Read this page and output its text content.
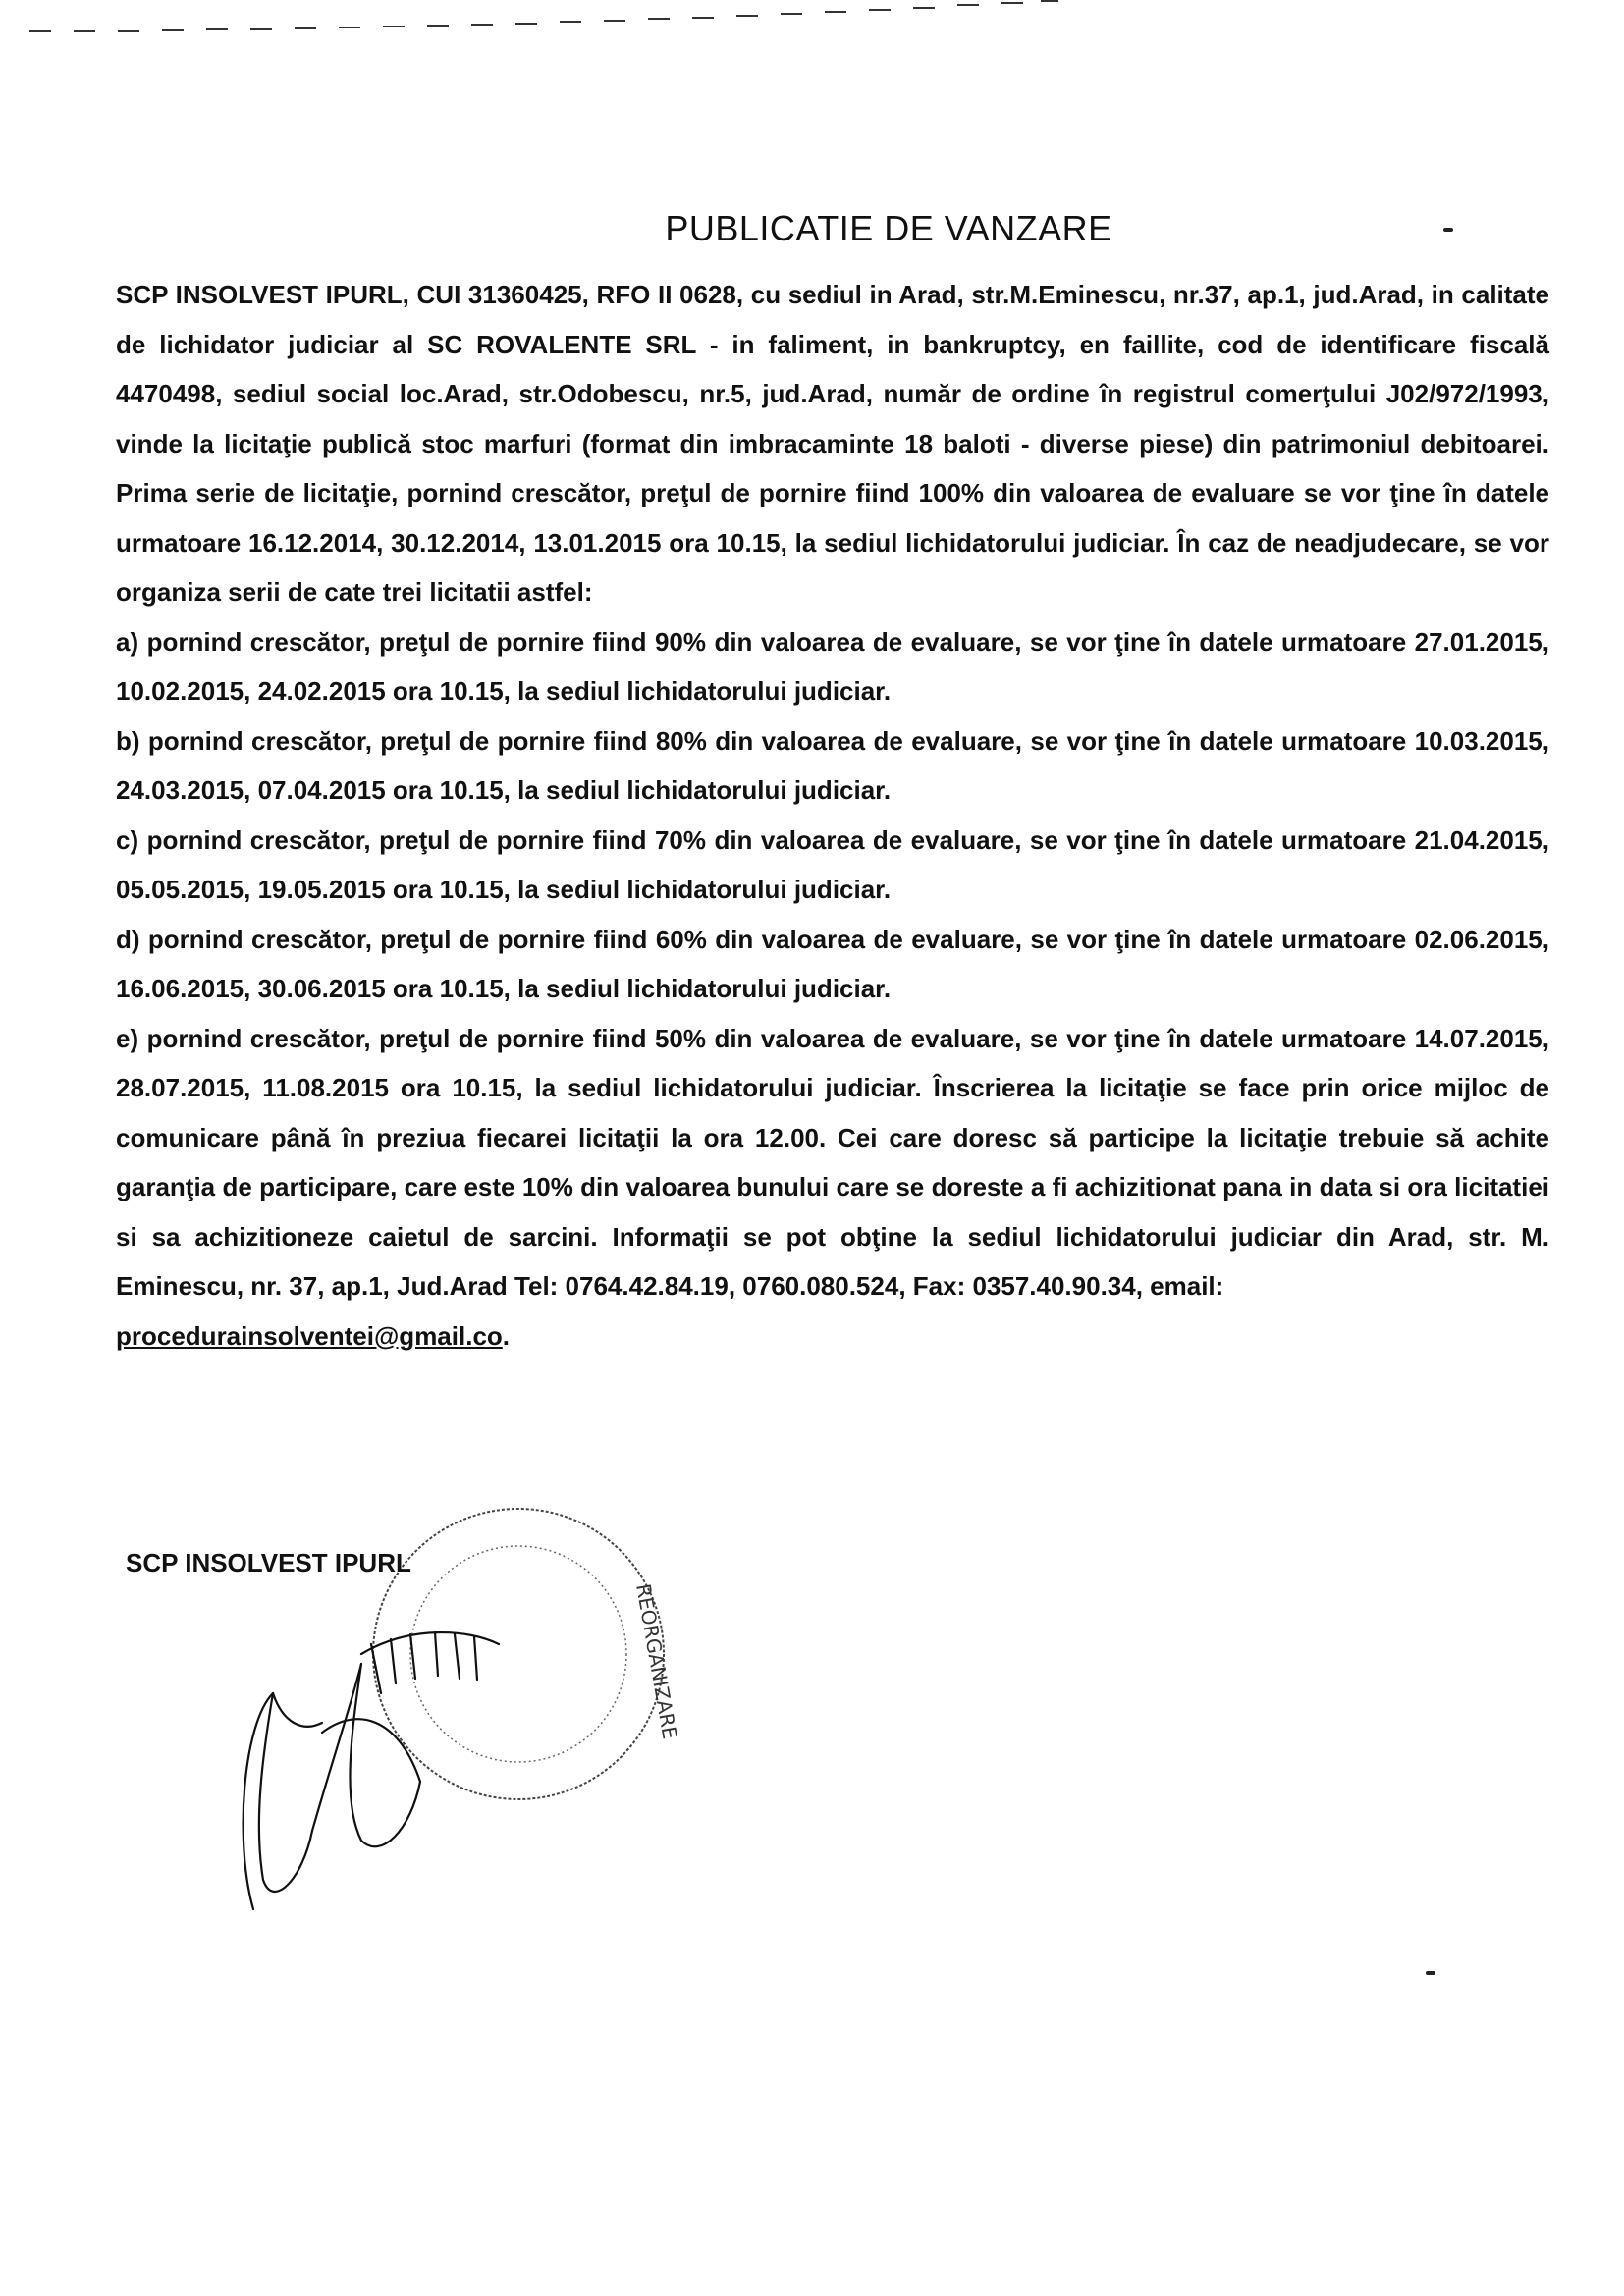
PUBLICATIE DE VANZARE

SCP INSOLVEST IPURL, CUI 31360425, RFO II 0628, cu sediul in Arad, str.M.Eminescu, nr.37, ap.1, jud.Arad, in calitate de lichidator judiciar al SC ROVALENTE SRL - in faliment, in bankruptcy, en faillite, cod de identificare fiscală 4470498, sediul social loc.Arad, str.Odobescu, nr.5, jud.Arad, număr de ordine în registrul comerţului J02/972/1993, vinde la licitaţie publică stoc marfuri (format din imbracaminte 18 baloti - diverse piese) din patrimoniul debitoarei. Prima serie de licitaţie, pornind crescător, preţul de pornire fiind 100% din valoarea de evaluare se vor ţine în datele urmatoare 16.12.2014, 30.12.2014, 13.01.2015 ora 10.15, la sediul lichidatorului judiciar. În caz de neadjudecare, se vor organiza serii de cate trei licitatii astfel:

a) pornind crescător, preţul de pornire fiind 90% din valoarea de evaluare, se vor ţine în datele urmatoare 27.01.2015, 10.02.2015, 24.02.2015 ora 10.15, la sediul lichidatorului judiciar.

b) pornind crescător, preţul de pornire fiind 80% din valoarea de evaluare, se vor ţine în datele urmatoare 10.03.2015, 24.03.2015, 07.04.2015 ora 10.15, la sediul lichidatorului judiciar.

c) pornind crescător, preţul de pornire fiind 70% din valoarea de evaluare, se vor ţine în datele urmatoare 21.04.2015, 05.05.2015, 19.05.2015 ora 10.15, la sediul lichidatorului judiciar.

d) pornind crescător, preţul de pornire fiind 60% din valoarea de evaluare, se vor ţine în datele urmatoare 02.06.2015, 16.06.2015, 30.06.2015 ora 10.15, la sediul lichidatorului judiciar.

e) pornind crescător, preţul de pornire fiind 50% din valoarea de evaluare, se vor ţine în datele urmatoare 14.07.2015, 28.07.2015, 11.08.2015 ora 10.15, la sediul lichidatorului judiciar. Înscrierea la licitaţie se face prin orice mijloc de comunicare până în preziua fiecarei licitaţii la ora 12.00. Cei care doresc să participe la licitaţie trebuie să achite garanţia de participare, care este 10% din valoarea bunului care se doreste a fi achizitionat pana in data si ora licitatiei si sa achizitioneze caietul de sarcini. Informaţii se pot obţine la sediul lichidatorului judiciar din Arad, str. M. Eminescu, nr. 37, ap.1, Jud.Arad Tel: 0764.42.84.19, 0760.080.524, Fax: 0357.40.90.34, email:
procedurainsolventei@gmail.co.

REORGANIZARE
SCP INSOLVEST IPURL
